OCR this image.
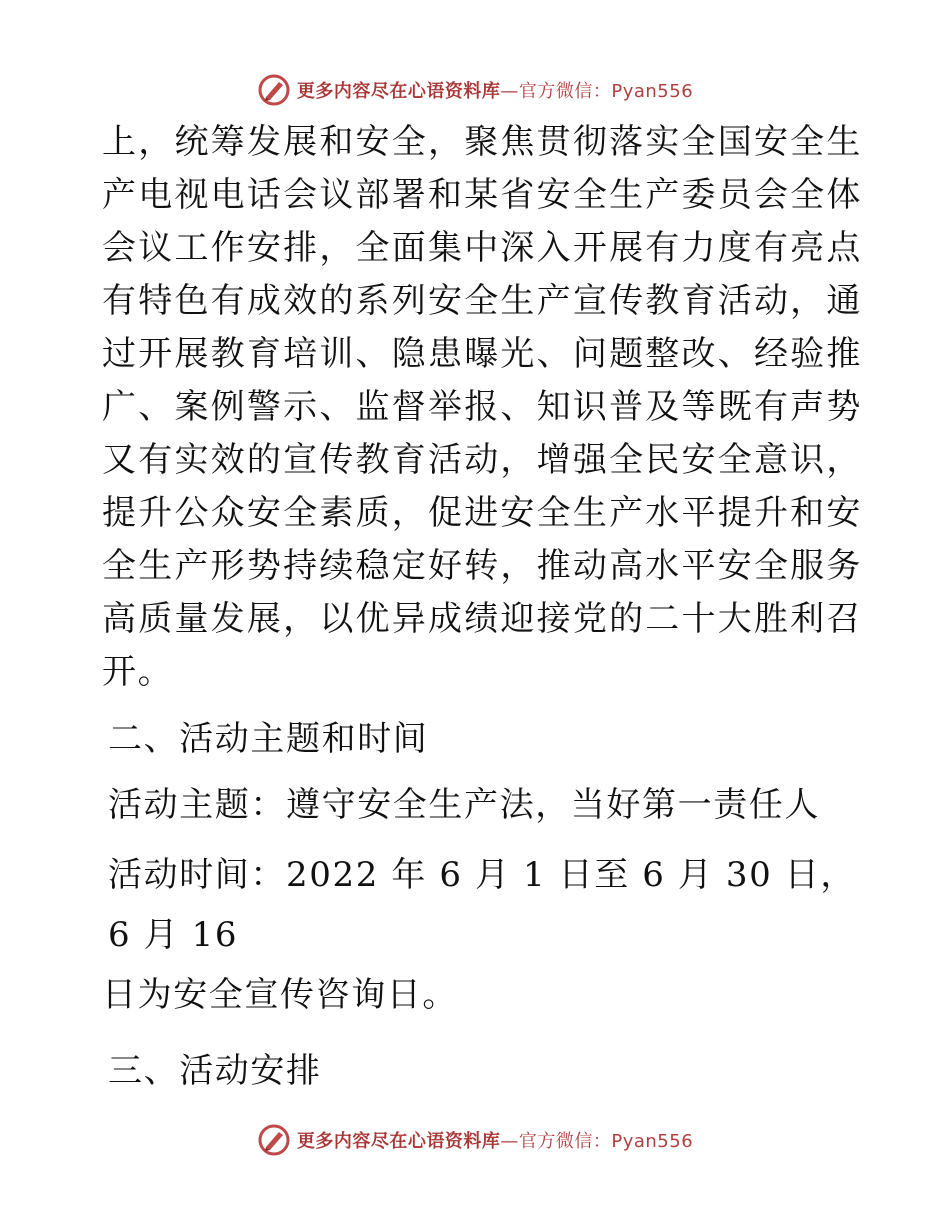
更多内容尽在心语资料库—官方微信：Pyan556

上，统筹发展和安全，聚焦贯彻落实全国安全生产电视电话会议部署和某省安全生产委员会全体会议工作安排，全面集中深入开展有力度有亮点有特色有成效的系列安全生产宣传教育活动，通过开展教育培训、隐患曝光、问题整改、经验推广、案例警示、监督举报、知识普及等既有声势又有实效的宣传教育活动，增强全民安全意识，提升公众安全素质，促进安全生产水平提升和安全生产形势持续稳定好转，推动高水平安全服务高质量发展，以优异成绩迎接党的二十大胜利召开。

二、活动主题和时间
活动主题：遵守安全生产法，当好第一责任人
活动时间：2022 年 6 月 1 日至 6 月 30 日，6 月 16
日为安全宣传咨询日。
三、活动安排
更多内容尽在心语资料库—官方微信：Pyan556
